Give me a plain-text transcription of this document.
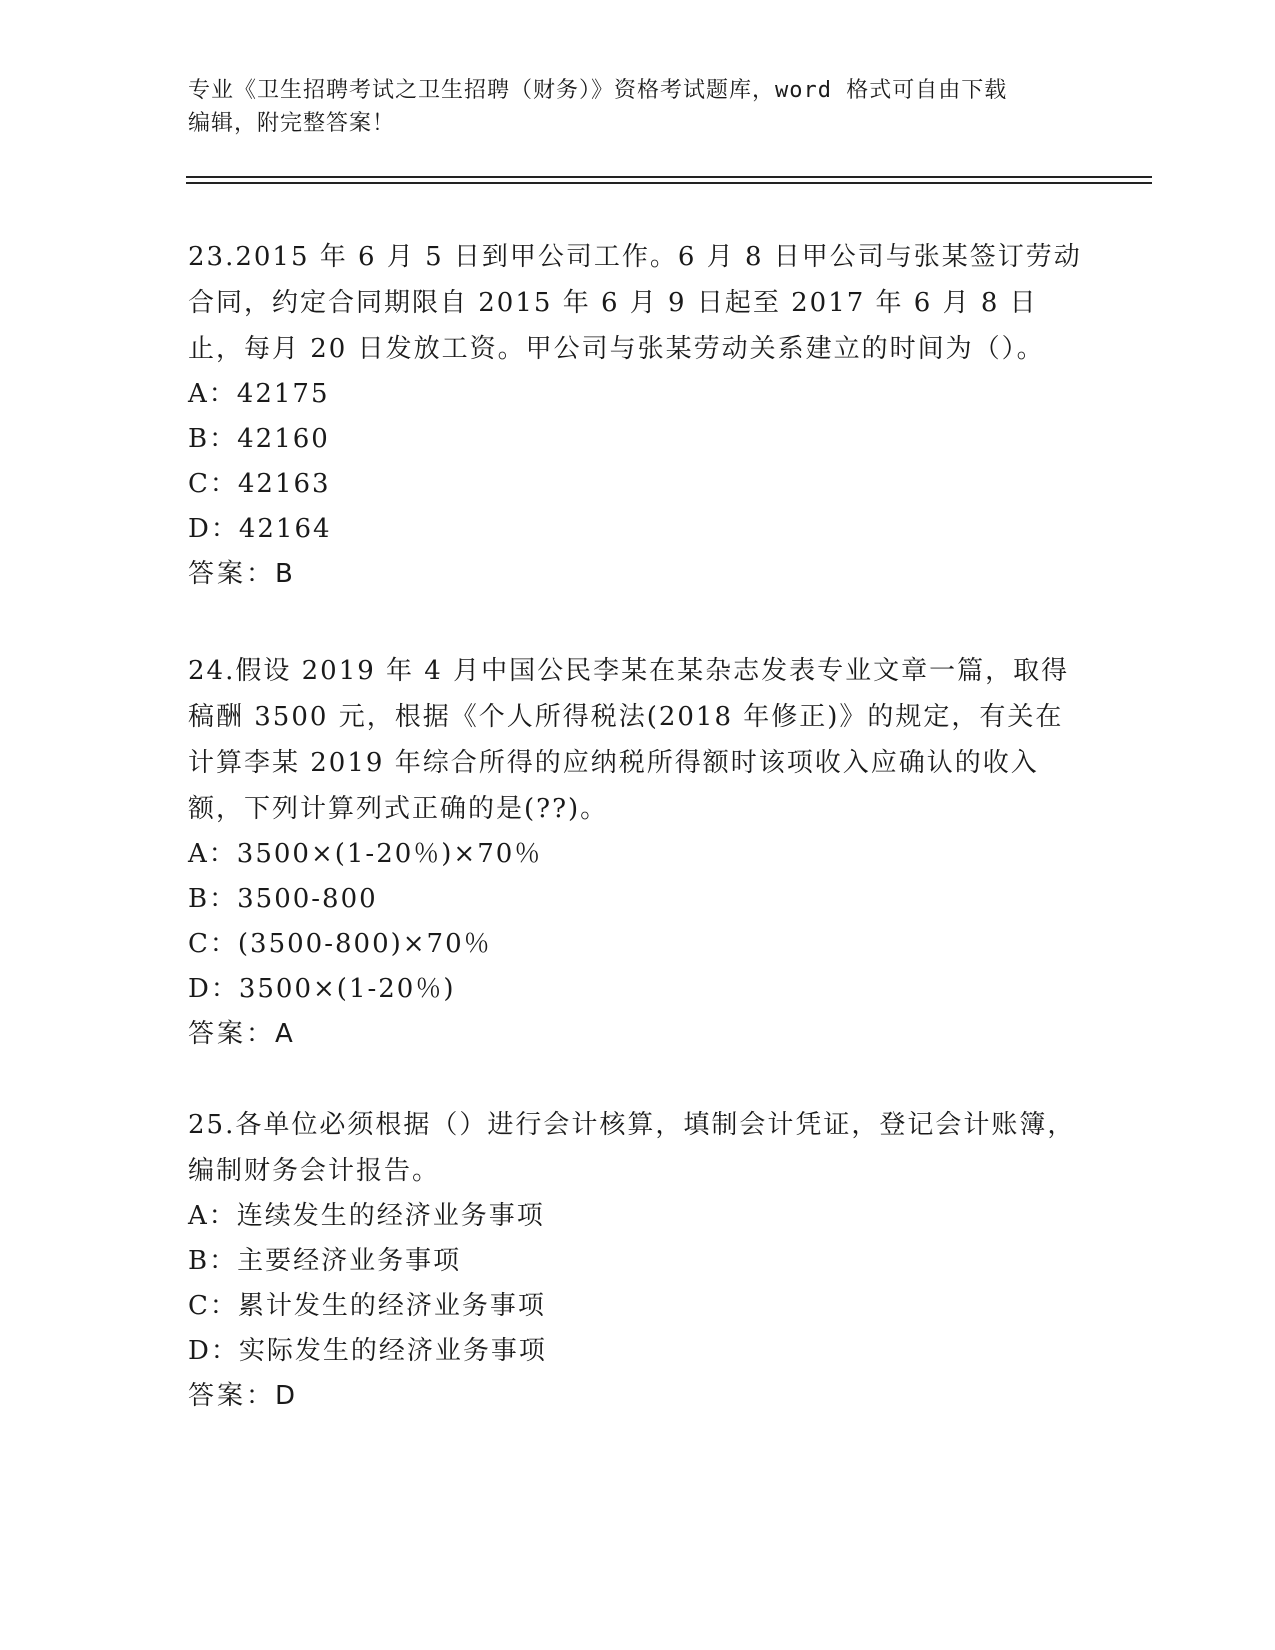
专业《卫生招聘考试之卫生招聘（财务）》资格考试题库，word 格式可自由下载
编辑，附完整答案！

23.2015 年 6 月 5 日到甲公司工作。6 月 8 日甲公司与张某签订劳动合同，约定合同期限自 2015 年 6 月 9 日起至 2017 年 6 月 8 日止，每月 20 日发放工资。甲公司与张某劳动关系建立的时间为（）。

A：42175

B：42160

C：42163

D：42164

答案：B

24.假设 2019 年 4 月中国公民李某在某杂志发表专业文章一篇，取得稿酬 3500 元，根据《个人所得税法(2018 年修正)》的规定，有关在计算李某 2019 年综合所得的应纳税所得额时该项收入应确认的收入额，下列计算列式正确的是(??)。

A：3500×(1-20％)×70％

B：3500-800

C：(3500-800)×70％

D：3500×(1-20％)

答案：A

25.各单位必须根据（）进行会计核算，填制会计凭证，登记会计账簿，编制财务会计报告。

A：连续发生的经济业务事项

B：主要经济业务事项

C：累计发生的经济业务事项

D：实际发生的经济业务事项

答案：D
